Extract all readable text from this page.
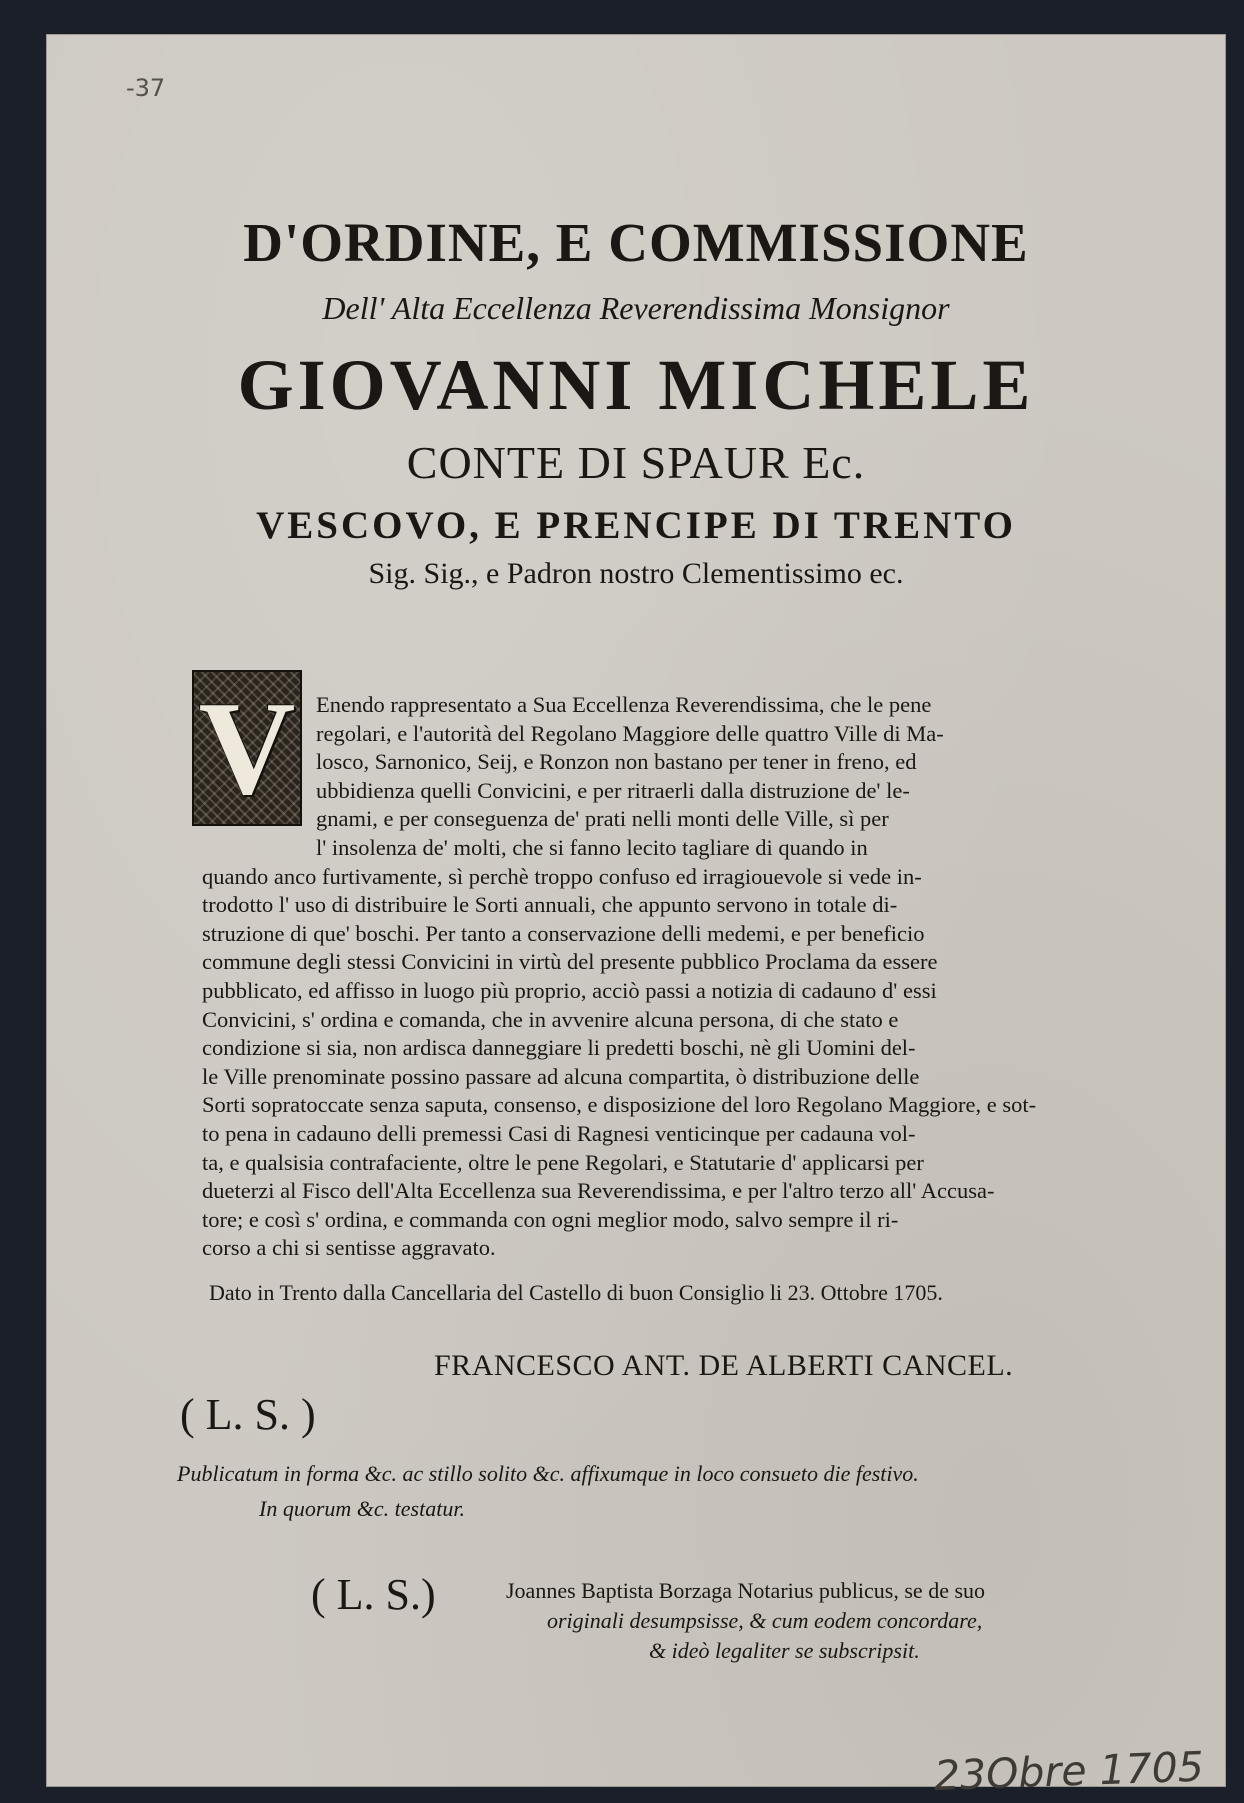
-37
D'ORDINE, E COMMISSIONE
Dell' Alta Eccellenza Reverendissima Monsignor
GIOVANNI MICHELE
CONTE DI SPAUR Ec.
VESCOVO, E PRENCIPE DI TRENTO
Sig. Sig., e Padron nostro Clementissimo ec.
V Enendo rappresentato a Sua Eccellenza Reverendissima, che le pene
regolari, e l'autorità del Regolano Maggiore delle quattro Ville di Ma-
losco, Sarnonico, Seij, e Ronzon non bastano per tener in freno, ed
ubbidienza quelli Convicini, e per ritraerli dalla distruzione de' le-
gnami, e per conseguenza de' prati nelli monti delle Ville, sì per
l' insolenza de' molti, che si fanno lecito tagliare di quando in
quando anco furtivamente, sì perchè troppo confuso ed irragiouevole si vede in-
trodotto l' uso di distribuire le Sorti annuali, che appunto servono in totale di-
struzione di que' boschi. Per tanto a conservazione delli medemi, e per beneficio
commune degli stessi Convicini in virtù del presente pubblico Proclama da essere
pubblicato, ed affisso in luogo più proprio, acciò passi a notizia di cadauno d' essi
Convicini, s' ordina e comanda, che in avvenire alcuna persona, di che stato e
condizione si sia, non ardisca danneggiare li predetti boschi, nè gli Uomini del-
le Ville prenominate possino passare ad alcuna compartita, ò distribuzione delle
Sorti sopratoccate senza saputa, consenso, e disposizione del loro Regolano Maggiore, e sot-
to pena in cadauno delli premessi Casi di Ragnesi venticinque per cadauna vol-
ta, e qualsisia contrafaciente, oltre le pene Regolari, e Statutarie d' applicarsi per
dueterzi al Fisco dell'Alta Eccellenza sua Reverendissima, e per l'altro terzo all' Accusa-
tore; e così s' ordina, e commanda con ogni meglior modo, salvo sempre il ri-
corso a chi si sentisse aggravato.
Dato in Trento dalla Cancellaria del Castello di buon Consiglio li 23. Ottobre 1705.
FRANCESCO ANT. DE ALBERTI CANCEL.
( L. S. )
Publicatum in forma &c. ac stillo solito &c. affixumque in loco consueto die festivo.
In quorum &c. testatur.
( L. S.)	Joannes Baptista Borzaga Notarius publicus, se de suo
originali desumpsisse, & cum eodem concordare,
& ideò legaliter se subscripsit.
23Obre 1705
